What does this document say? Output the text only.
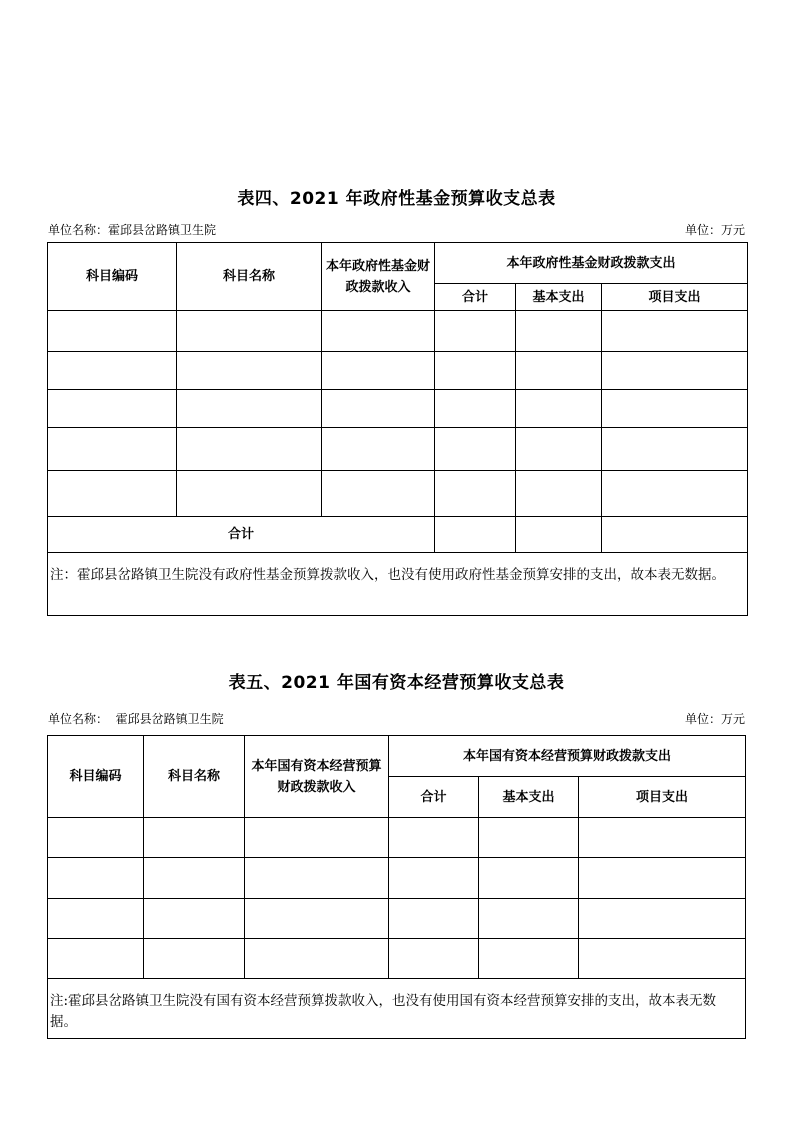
表四、2021 年政府性基金预算收支总表
单位名称：霍邱县岔路镇卫生院	单位：万元
科目编码	科目名称	本年政府性基金财政拨款收入	本年政府性基金财政拨款支出		
			合计	基本支出	项目支出

合计					
注：霍邱县岔路镇卫生院没有政府性基金预算拨款收入，也没有使用政府性基金预算安排的支出，故本表无数据。					
表五、2021 年国有资本经营预算收支总表
单位名称：  霍邱县岔路镇卫生院	单位：万元
科目编码	科目名称	本年国有资本经营预算财政拨款收入	本年国有资本经营预算财政拨款支出		
			合计	基本支出	项目支出

注:霍邱县岔路镇卫生院没有国有资本经营预算拨款收入，也没有使用国有资本经营预算安排的支出，故本表无数据。					
